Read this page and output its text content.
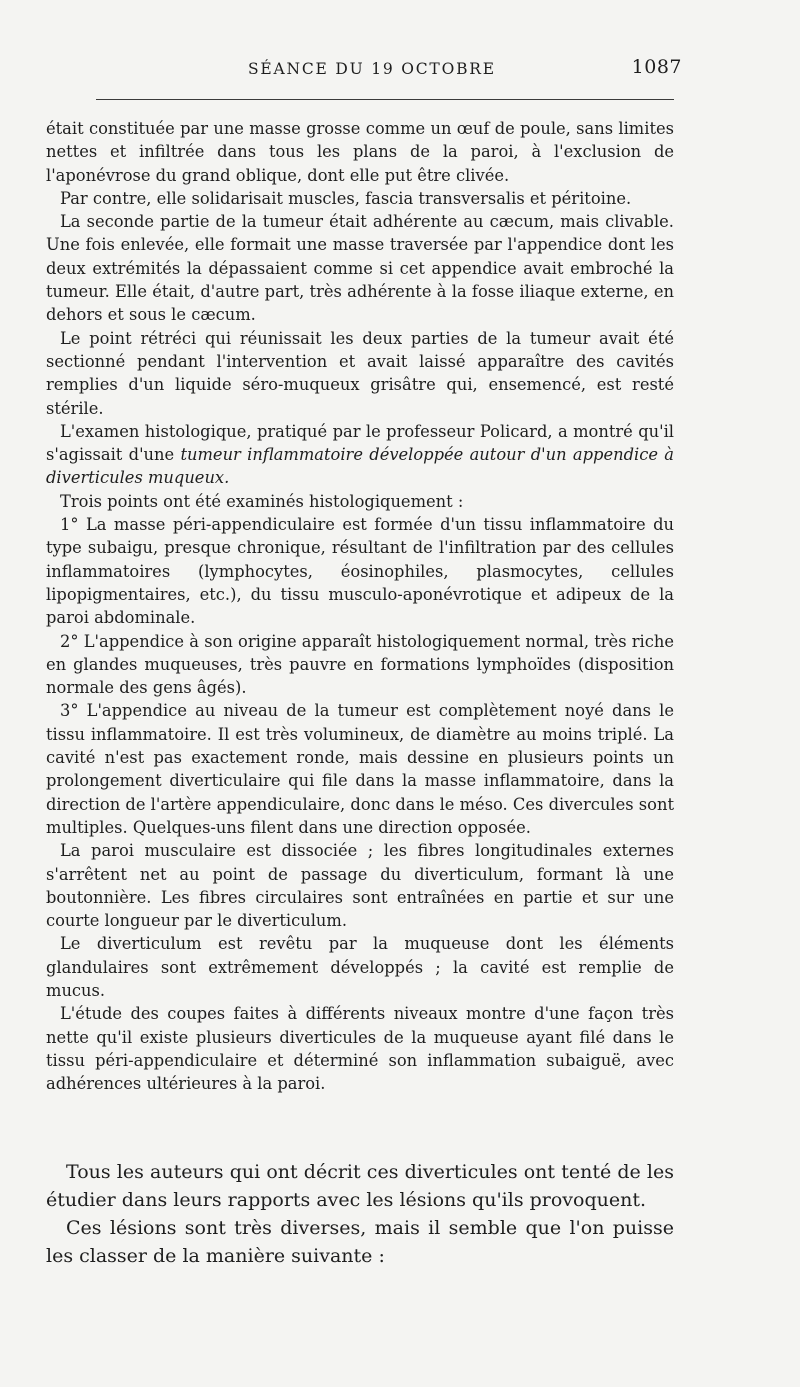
SÉANCE DU 19 OCTOBRE	1087

était constituée par une masse grosse comme un œuf de poule, sans limites nettes et infiltrée dans tous les plans de la paroi, à l'exclusion de l'aponévrose du grand oblique, dont elle put être clivée.

Par contre, elle solidarisait muscles, fascia transversalis et péritoine.

La seconde partie de la tumeur était adhérente au cæcum, mais clivable. Une fois enlevée, elle formait une masse traversée par l'appendice dont les deux extrémités la dépassaient comme si cet appendice avait embroché la tumeur. Elle était, d'autre part, très adhérente à la fosse iliaque externe, en dehors et sous le cæcum.

Le point rétréci qui réunissait les deux parties de la tumeur avait été sectionné pendant l'intervention et avait laissé apparaître des cavités remplies d'un liquide séro-muqueux grisâtre qui, ensemencé, est resté stérile.

L'examen histologique, pratiqué par le professeur Policard, a montré qu'il s'agissait d'une tumeur inflammatoire développée autour d'un appendice à diverticules muqueux.

Trois points ont été examinés histologiquement :

1° La masse péri-appendiculaire est formée d'un tissu inflammatoire du type subaigu, presque chronique, résultant de l'infiltration par des cellules inflammatoires (lymphocytes, éosinophiles, plasmocytes, cellules lipopigmentaires, etc.), du tissu musculo-aponévrotique et adipeux de la paroi abdominale.

2° L'appendice à son origine apparaît histologiquement normal, très riche en glandes muqueuses, très pauvre en formations lymphoïdes (disposition normale des gens âgés).

3° L'appendice au niveau de la tumeur est complètement noyé dans le tissu inflammatoire. Il est très volumineux, de diamètre au moins triplé. La cavité n'est pas exactement ronde, mais dessine en plusieurs points un prolongement diverticulaire qui file dans la masse inflammatoire, dans la direction de l'artère appendiculaire, donc dans le méso. Ces divercules sont multiples. Quelques-uns filent dans une direction opposée.

La paroi musculaire est dissociée ; les fibres longitudinales externes s'arrêtent net au point de passage du diverticulum, formant là une boutonnière. Les fibres circulaires sont entraînées en partie et sur une courte longueur par le diverticulum.

Le diverticulum est revêtu par la muqueuse dont les éléments glandulaires sont extrêmement développés ; la cavité est remplie de mucus.

L'étude des coupes faites à différents niveaux montre d'une façon très nette qu'il existe plusieurs diverticules de la muqueuse ayant filé dans le tissu péri-appendiculaire et déterminé son inflammation subaiguë, avec adhérences ultérieures à la paroi.

Tous les auteurs qui ont décrit ces diverticules ont tenté de les étudier dans leurs rapports avec les lésions qu'ils provoquent.

Ces lésions sont très diverses, mais il semble que l'on puisse les classer de la manière suivante :
